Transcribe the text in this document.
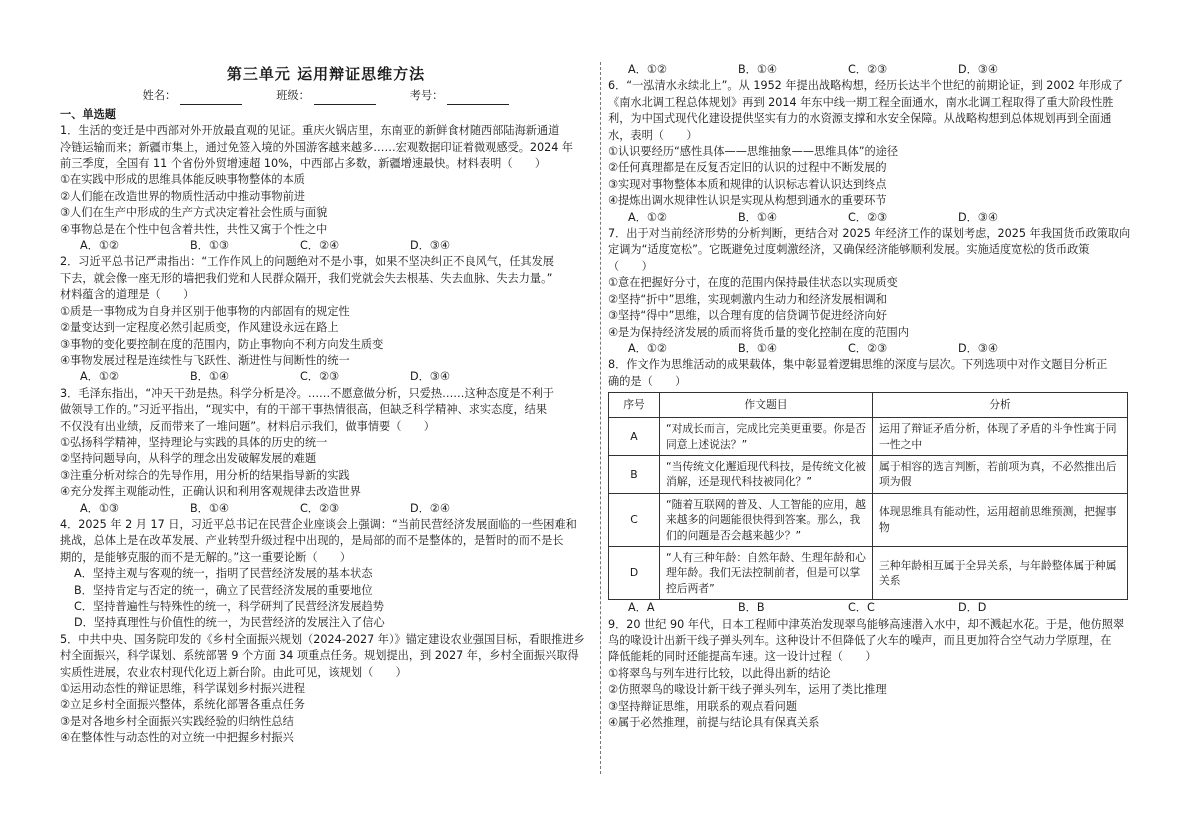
第三单元 运用辩证思维方法
姓名：	班级：	考号：
一、单选题

1．生活的变迁是中西部对外开放最直观的见证。重庆火锅店里，东南亚的新鲜食材随西部陆海新通道

冷链运输而来；新疆市集上，通过免签入境的外国游客越来越多……宏观数据印证着微观感受。2024 年

前三季度，全国有 11 个省份外贸增速超 10%，中西部占多数，新疆增速最快。材料表明（　　）

①在实践中形成的思维具体能反映事物整体的本质

②人们能在改造世界的物质性活动中推动事物前进

③人们在生产中形成的生产方式决定着社会性质与面貌

④事物总是在个性中包含着共性，共性又寓于个性之中

A．①②	B．①③	C．②④	D．③④

2．习近平总书记严肃指出：“工作作风上的问题绝对不是小事，如果不坚决纠正不良风气，任其发展

下去，就会像一座无形的墙把我们党和人民群众隔开，我们党就会失去根基、失去血脉、失去力量。”

材料蕴含的道理是（　　）

①质是一事物成为自身并区别于他事物的内部固有的规定性

②量变达到一定程度必然引起质变，作风建设永远在路上

③事物的变化要控制在度的范围内，防止事物向不利方向发生质变

④事物发展过程是连续性与飞跃性、渐进性与间断性的统一

A．①②	B．①④	C．②③	D．③④

3．毛泽东指出，“冲天干劲是热。科学分析是冷。……不愿意做分析，只爱热……这种态度是不利于

做领导工作的。”习近平指出，“现实中，有的干部干事热情很高，但缺乏科学精神、求实态度，结果

不仅没有出业绩，反而带来了一堆问题”。材料启示我们，做事情要（　　）

①弘扬科学精神，坚持理论与实践的具体的历史的统一

②坚持问题导向，从科学的理念出发破解发展的难题

③注重分析对综合的先导作用，用分析的结果指导新的实践

④充分发挥主观能动性，正确认识和利用客观规律去改造世界

A．①③	B．①④	C．②③	D．②④

4．2025 年 2 月 17 日，习近平总书记在民营企业座谈会上强调：“当前民营经济发展面临的一些困难和

挑战，总体上是在改革发展、产业转型升级过程中出现的，是局部的而不是整体的，是暂时的而不是长

期的，是能够克服的而不是无解的。”这一重要论断（　　）

A．坚持主观与客观的统一，指明了民营经济发展的基本状态

B．坚持肯定与否定的统一，确立了民营经济发展的重要地位

C．坚持普遍性与特殊性的统一，科学研判了民营经济发展趋势

D．坚持真理性与价值性的统一，为民营经济的发展注入了信心

5．中共中央、国务院印发的《乡村全面振兴规划（2024-2027 年）》锚定建设农业强国目标，看眼推进乡

村全面振兴，科学谋划、系统部署 9 个方面 34 项重点任务。规划提出，到 2027 年，乡村全面振兴取得

实质性进展，农业农村现代化迈上新台阶。由此可见，该规划（　　）

①运用动态性的辩证思维，科学谋划乡村振兴进程

②立足乡村全面振兴整体，系统化部署各重点任务

③是对各地乡村全面振兴实践经验的归纳性总结

④在整体性与动态性的对立统一中把握乡村振兴

A．①②	B．①④	C．②③	D．③④

6．“一泓清水永续北上”。从 1952 年提出战略构想，经历长达半个世纪的前期论证，到 2002 年形成了

《南水北调工程总体规划》再到 2014 年东中线一期工程全面通水，南水北调工程取得了重大阶段性胜

利，为中国式现代化建设提供坚实有力的水资源支撑和水安全保障。从战略构想到总体规划再到全面通

水，表明（　　）

①认识要经历“感性具体——思维抽象——思维具体”的途径

②任何真理都是在反复否定旧的认识的过程中不断发展的

③实现对事物整体本质和规律的认识标志着认识达到终点

④提炼出调水规律性认识是实现从构想到通水的重要环节

A．①②	B．①④	C．②③	D．③④

7．出于对当前经济形势的分析判断，更结合对 2025 年经济工作的谋划考虑，2025 年我国货币政策取向

定调为“适度宽松”。它既避免过度刺激经济，又确保经济能够顺利发展。实施适度宽松的货币政策

（　　）

①意在把握好分寸，在度的范围内保持最佳状态以实现质变

②坚持“折中”思维，实现刺激内生动力和经济发展相调和

③坚持“得中”思维，以合理有度的信贷调节促进经济向好

④是为保持经济发展的质而将货币量的变化控制在度的范围内

A．①②	B．①④	C．②③	D．③④

8．作文作为思维活动的成果载体，集中彰显着逻辑思维的深度与层次。下列选项中对作文题目分析正

确的是（　　）

序号	作文题目	分析
A	“对成长而言，完成比完美更重要。你是否同意上述说法？”	运用了辩证矛盾分析，体现了矛盾的斗争性寓于同一性之中
B	“当传统文化邂逅现代科技，是传统文化被消解，还是现代科技被同化？”	属于相容的选言判断，若前项为真，不必然推出后项为假
C	“随着互联网的普及、人工智能的应用，越来越多的问题能很快得到答案。那么，我们的问题是否会越来越少？”	体现思维具有能动性，运用超前思维预测，把握事物
D	“人有三种年龄：自然年龄、生理年龄和心理年龄。我们无法控制前者，但是可以掌控后两者”	三种年龄相互属于全异关系，与年龄整体属于种属关系
A．A	B．B	C．C	D．D

9．20 世纪 90 年代，日本工程师中津英治发现翠鸟能够高速潜入水中，却不溅起水花。于是，他仿照翠

鸟的喙设计出新干线子弹头列车。这种设计不但降低了火车的噪声，而且更加符合空气动力学原理，在

降低能耗的同时还能提高车速。这一设计过程（　　）

①将翠鸟与列车进行比较，以此得出新的结论

②仿照翠鸟的喙设计新干线子弹头列车，运用了类比推理

③坚持辩证思维，用联系的观点看问题

④属于必然推理，前提与结论具有保真关系
